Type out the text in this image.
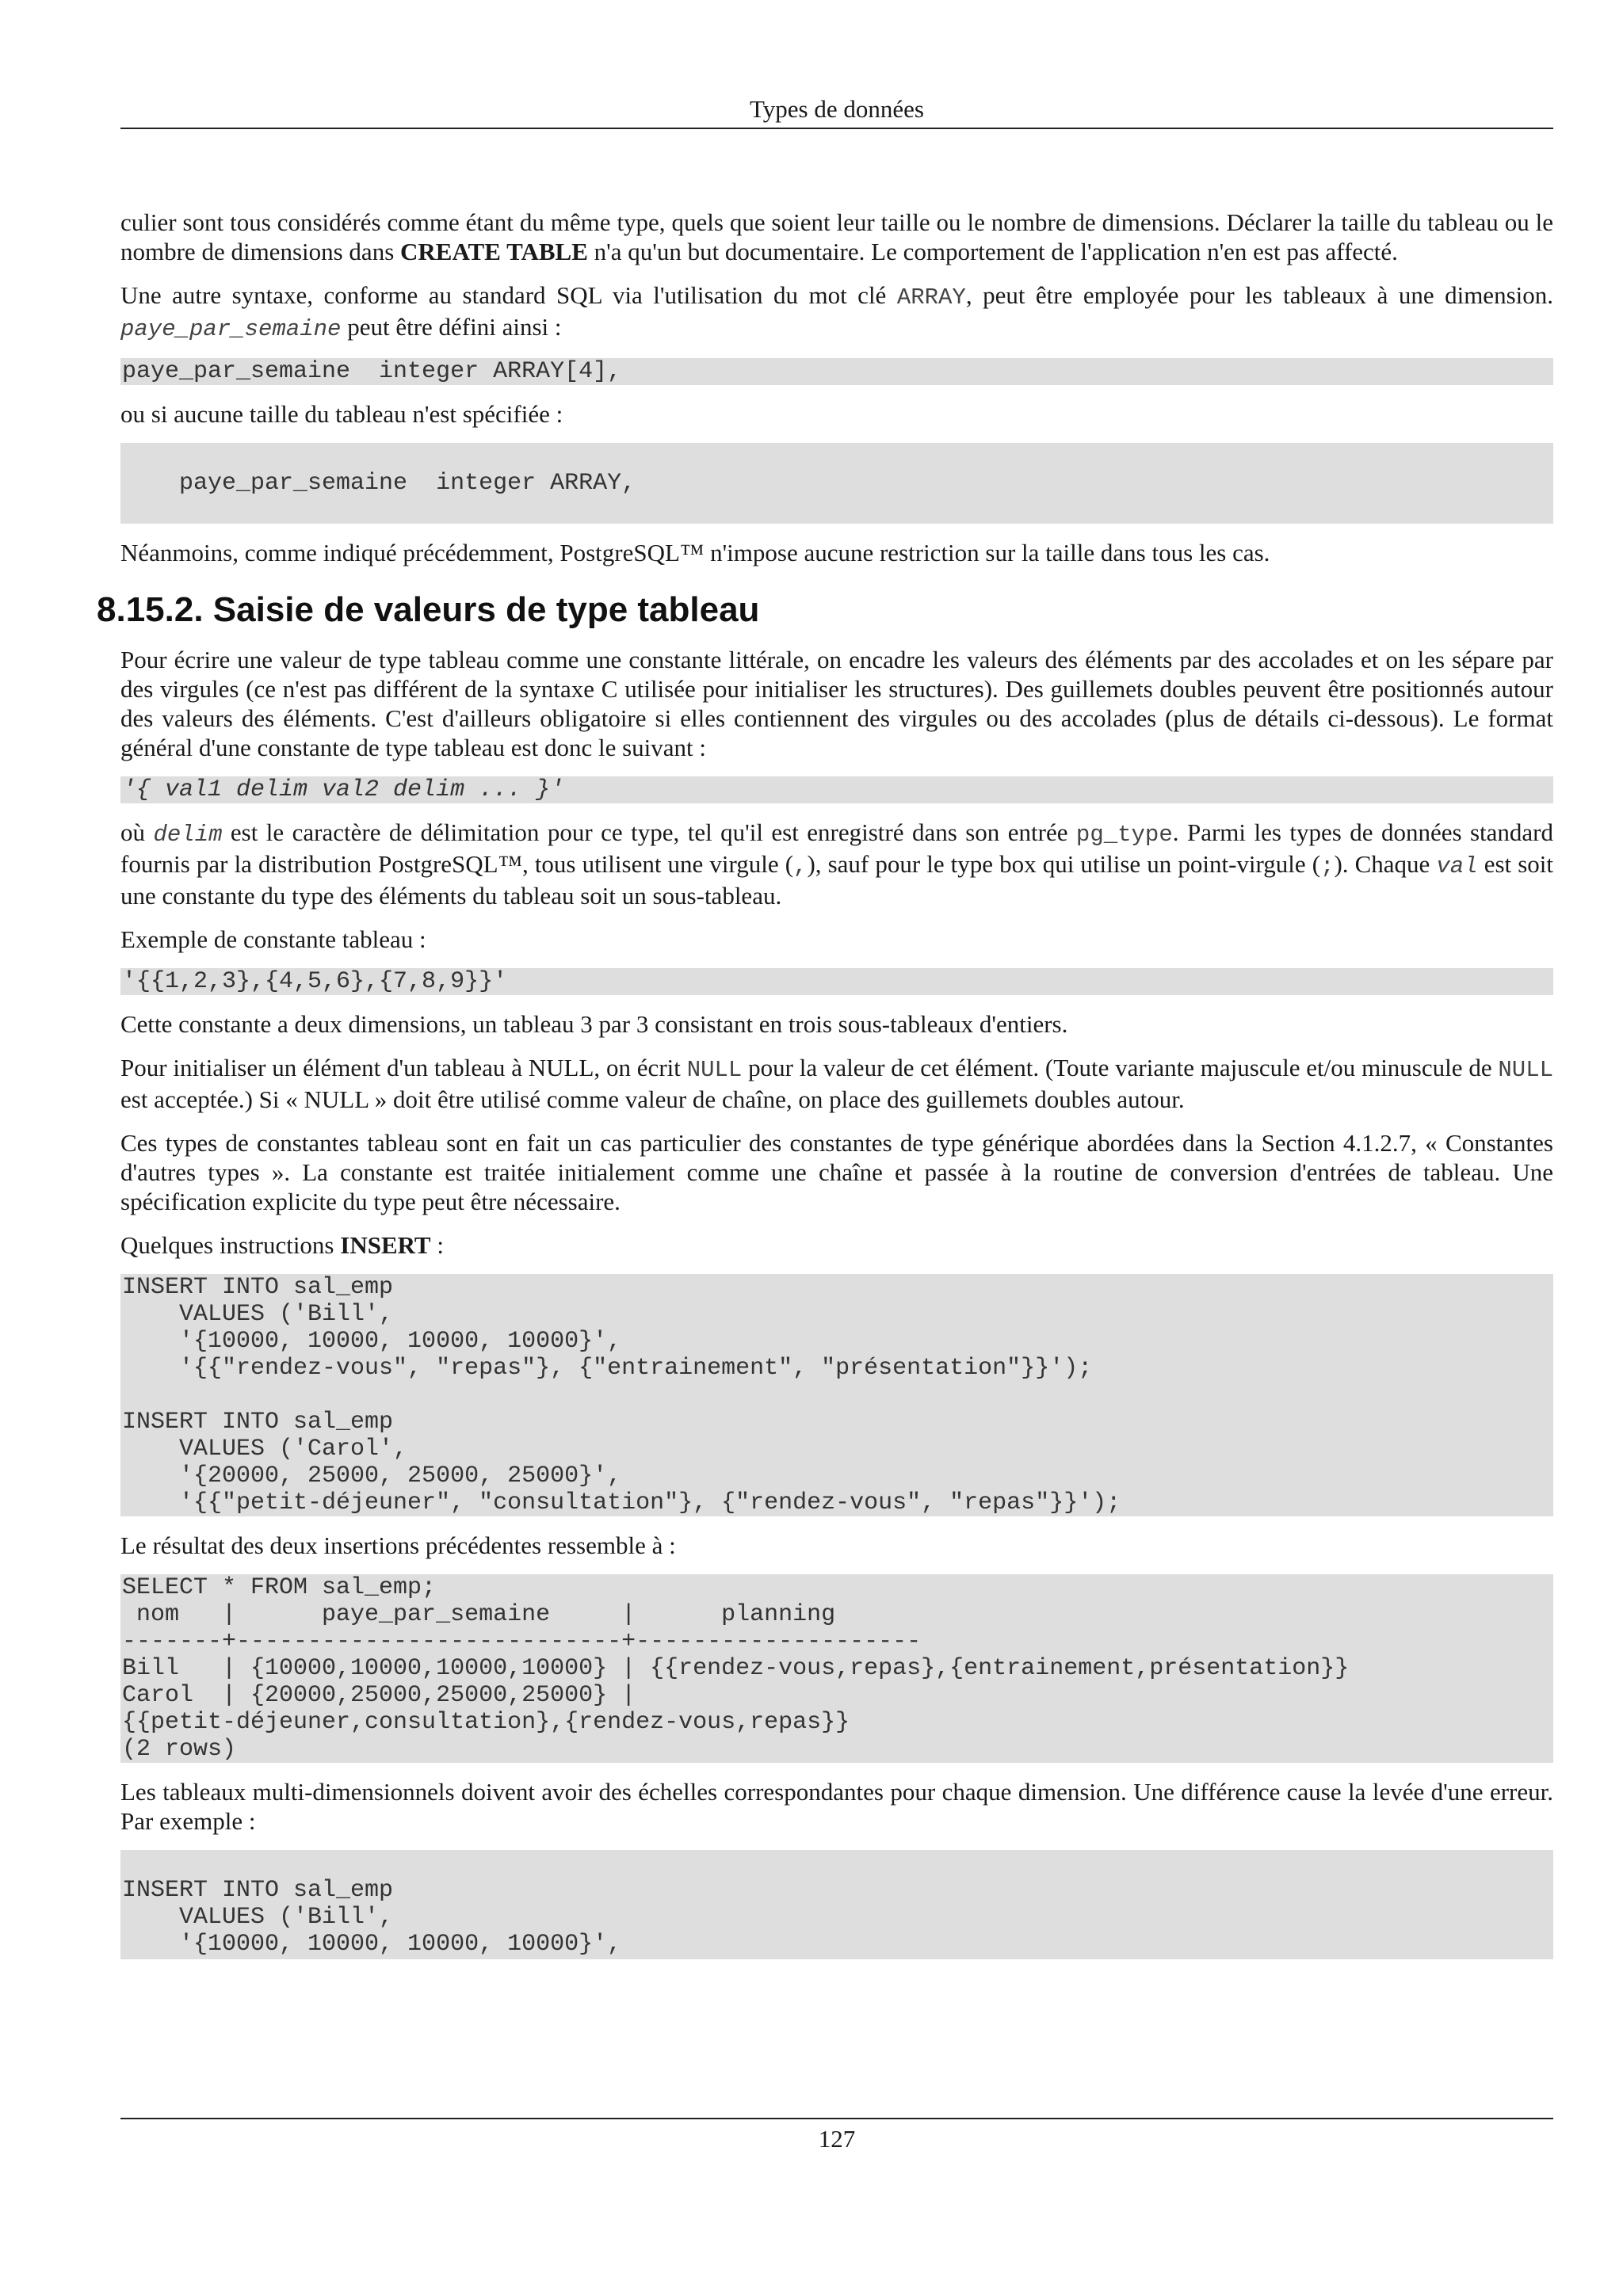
Types de données

culier sont tous considérés comme étant du même type, quels que soient leur taille ou le nombre de dimensions. Déclarer la taille du tableau ou le nombre de dimensions dans CREATE TABLE n'a qu'un but documentaire. Le comportement de l'application n'en est pas affecté.

Une autre syntaxe, conforme au standard SQL via l'utilisation du mot clé ARRAY, peut être employée pour les tableaux à une dimension. paye_par_semaine peut être défini ainsi :

paye_par_semaine  integer ARRAY[4],

ou si aucune taille du tableau n'est spécifiée :

paye_par_semaine  integer ARRAY,

Néanmoins, comme indiqué précédemment, PostgreSQL™ n'impose aucune restriction sur la taille dans tous les cas.

8.15.2. Saisie de valeurs de type tableau

Pour écrire une valeur de type tableau comme une constante littérale, on encadre les valeurs des éléments par des accolades et on les sépare par des virgules (ce n'est pas différent de la syntaxe C utilisée pour initialiser les structures). Des guillemets doubles peuvent être positionnés autour des valeurs des éléments. C'est d'ailleurs obligatoire si elles contiennent des virgules ou des accolades (plus de détails ci-dessous). Le format général d'une constante de type tableau est donc le suivant :

'{ val1 delim val2 delim ... }'

où delim est le caractère de délimitation pour ce type, tel qu'il est enregistré dans son entrée pg_type. Parmi les types de données standard fournis par la distribution PostgreSQL™, tous utilisent une virgule (,), sauf pour le type box qui utilise un point-virgule (;). Chaque val est soit une constante du type des éléments du tableau soit un sous-tableau.

Exemple de constante tableau :

'{{1,2,3},{4,5,6},{7,8,9}}'

Cette constante a deux dimensions, un tableau 3 par 3 consistant en trois sous-tableaux d'entiers.

Pour initialiser un élément d'un tableau à NULL, on écrit NULL pour la valeur de cet élément. (Toute variante majuscule et/ou minuscule de NULL est acceptée.) Si « NULL » doit être utilisé comme valeur de chaîne, on place des guillemets doubles autour.

Ces types de constantes tableau sont en fait un cas particulier des constantes de type générique abordées dans la Section 4.1.2.7, « Constantes d'autres types ». La constante est traitée initialement comme une chaîne et passée à la routine de conversion d'entrées de tableau. Une spécification explicite du type peut être nécessaire.

Quelques instructions INSERT :

INSERT INTO sal_emp
VALUES ('Bill',
'{10000, 10000, 10000, 10000}',
'{{"rendez-vous", "repas"}, {"entrainement", "présentation"}}');

INSERT INTO sal_emp
VALUES ('Carol',
'{20000, 25000, 25000, 25000}',
'{{"petit-déjeuner", "consultation"}, {"rendez-vous", "repas"}}');

Le résultat des deux insertions précédentes ressemble à :

SELECT * FROM sal_emp;
nom   |      paye_par_semaine     |      planning
-------+---------------------------+--------------------
Bill   | {10000,10000,10000,10000} | {{rendez-vous,repas},{entrainement,présentation}}
Carol  | {20000,25000,25000,25000} |
{{petit-déjeuner,consultation},{rendez-vous,repas}}
(2 rows)

Les tableaux multi-dimensionnels doivent avoir des échelles correspondantes pour chaque dimension. Une différence cause la levée d'une erreur. Par exemple :

INSERT INTO sal_emp
VALUES ('Bill',
'{10000, 10000, 10000, 10000}',
127
